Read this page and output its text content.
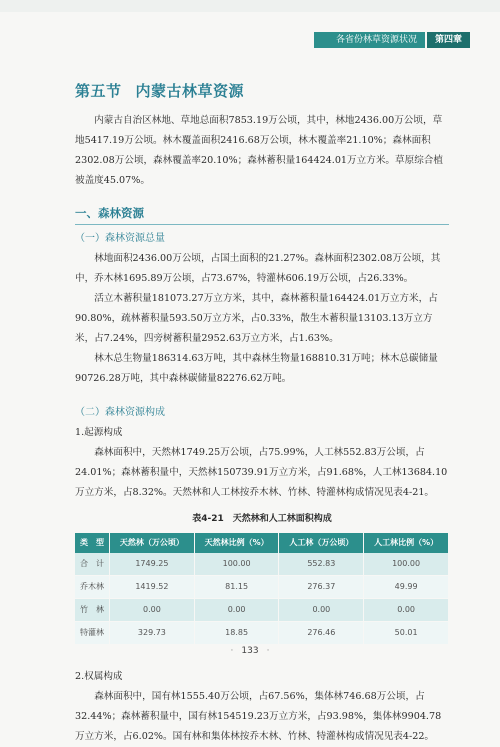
各省份林草资源状况	第四章
第五节 内蒙古林草资源

内蒙古自治区林地、草地总面积7853.19万公顷，其中，林地2436.00万公顷，草地5417.19万公顷。林木覆盖面积2416.68万公顷，林木覆盖率21.10%；森林面积2302.08万公顷，森林覆盖率20.10%；森林蓄积量164424.01万立方米。草原综合植被盖度45.07%。

一、森林资源
（一）森林资源总量

林地面积2436.00万公顷，占国土面积的21.27%。森林面积2302.08万公顷，其中，乔木林1695.89万公顷，占73.67%，特灌林606.19万公顷，占26.33%。

活立木蓄积量181073.27万立方米，其中，森林蓄积量164424.01万立方米，占90.80%，疏林蓄积量593.50万立方米，占0.33%，散生木蓄积量13103.13万立方米，占7.24%，四旁树蓄积量2952.63万立方米，占1.63%。

林木总生物量186314.63万吨，其中森林生物量168810.31万吨；林木总碳储量90726.28万吨，其中森林碳储量82276.62万吨。

（二）森林资源构成

1.起源构成

森林面积中，天然林1749.25万公顷，占75.99%，人工林552.83万公顷，占24.01%；森林蓄积量中，天然林150739.91万立方米，占91.68%，人工林13684.10万立方米，占8.32%。天然林和人工林按乔木林、竹林、特灌林构成情况见表4-21。

表4-21　天然林和人工林面积构成
类　型	天然林（万公顷）	天然林比例（%）	人工林（万公顷）	人工林比例（%）
合　计	1749.25	100.00	552.83	100.00
乔木林	1419.52	81.15	276.37	49.99
竹　林	0.00	0.00	0.00	0.00
特灌林	329.73	18.85	276.46	50.01

2.权属构成

森林面积中，国有林1555.40万公顷，占67.56%，集体林746.68万公顷，占32.44%；森林蓄积量中，国有林154519.23万立方米，占93.98%，集体林9904.78万立方米，占6.02%。国有林和集体林按乔木林、竹林、特灌林构成情况见表4-22。

· 133 ·
